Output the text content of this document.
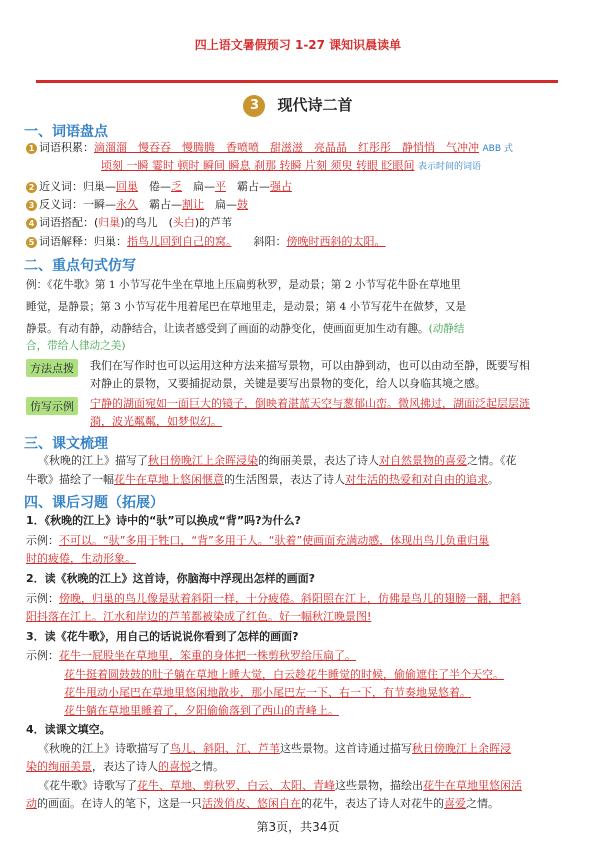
四上语文暑假预习 1-27 课知识晨读单
3 现代诗二首
一、词语盘点
1 词语积累：滴溜溜　慢吞吞　慢腾腾　香喷喷　甜滋滋　亮晶晶　红彤彤　静悄悄　气冲冲 ABB 式
顷刻 一瞬 霎时 顿时 瞬间 瞬息 刹那 转瞬 片刻 须臾 转眼 眨眼间 表示时间的词语
2 近义词：归巢—回巢　 倦—乏　 扁—平　 霸占—强占
3 反义词：一瞬—永久　 霸占—割让　 扁—鼓
4 词语搭配：(归巢)的鸟儿　(头白)的芦苇
5 词语解释：归巢：指鸟儿回到自己的窝。　　 斜阳：傍晚时西斜的太阳。
二、重点句式仿写
例：《花牛歌》第 1 小节写花牛坐在草地上压扁剪秋罗，是动景；第 2 小节写花牛卧在草地里
睡觉，是静景；第 3 小节写花牛甩着尾巴在草地里走，是动景；第 4 小节写花牛在做梦，又是
静景。有动有静，动静结合，让读者感受到了画面的动静变化，使画面更加生动有趣。(动静结
合，带给人律动之美)
方法点拨	我们在写作时也可以运用这种方法来描写景物，可以由静到动，也可以由动至静，既要写相
对静止的景物，又要捕捉动景，关键是要写出景物的变化，给人以身临其境之感。
仿写示例	宁静的湖面宛如一面巨大的镜子，倒映着湛蓝天空与葱郁山峦。微风拂过，湖面泛起层层涟
漪，波光粼粼，如梦似幻。
三、课文梳理
《秋晚的江上》描写了秋日傍晚江上余晖浸染的绚丽美景，表达了诗人对自然景物的喜爱之情。《花
牛歌》描绘了一幅花牛在草地上悠闲惬意的生活图景，表达了诗人对生活的热爱和对自由的追求。
四、课后习题（拓展）
1．《秋晚的江上》诗中的“驮”可以换成“背”吗?为什么?
示例：不可以。“驮”多用于牲口，“背”多用于人。“驮着”使画面充满动感，体现出鸟儿负重归巢
时的疲倦，生动形象。
2．读《秋晚的江上》这首诗，你脑海中浮现出怎样的画面?
示例：傍晚，归巢的鸟儿像是驮着斜阳一样，十分疲倦。斜阳照在江上，仿佛是鸟儿的翅膀一翻，把斜
阳抖落在江上。江水和岸边的芦苇都被染成了红色。好一幅秋江晚景图!
3．读《花牛歌》，用自己的话说说你看到了怎样的画面?
示例：花牛一屁股坐在草地里，笨重的身体把一株剪秋罗给压扁了。
花牛挺着圆鼓鼓的肚子躺在草地上睡大觉，白云趁花牛睡觉的时候，偷偷遮住了半个天空。
花牛甩动小尾巴在草地里悠闲地散步，那小尾巴左一下、右一下，有节奏地晃悠着。
花牛躺在草地里睡着了，夕阳偷偷落到了西山的青峰上。
4．读课文填空。
《秋晚的江上》诗歌描写了鸟儿、斜阳、江、芦苇这些景物。这首诗通过描写秋日傍晚江上余晖浸
染的绚丽美景，表达了诗人的喜悦之情。
《花牛歌》诗歌写了花牛、草地、剪秋罗、白云、太阳、青峰这些景物，描绘出花牛在草地里悠闲活
动的画面。在诗人的笔下，这是一只活泼俏皮、悠闲自在的花牛，表达了诗人对花牛的喜爱之情。
第3页，共34页
